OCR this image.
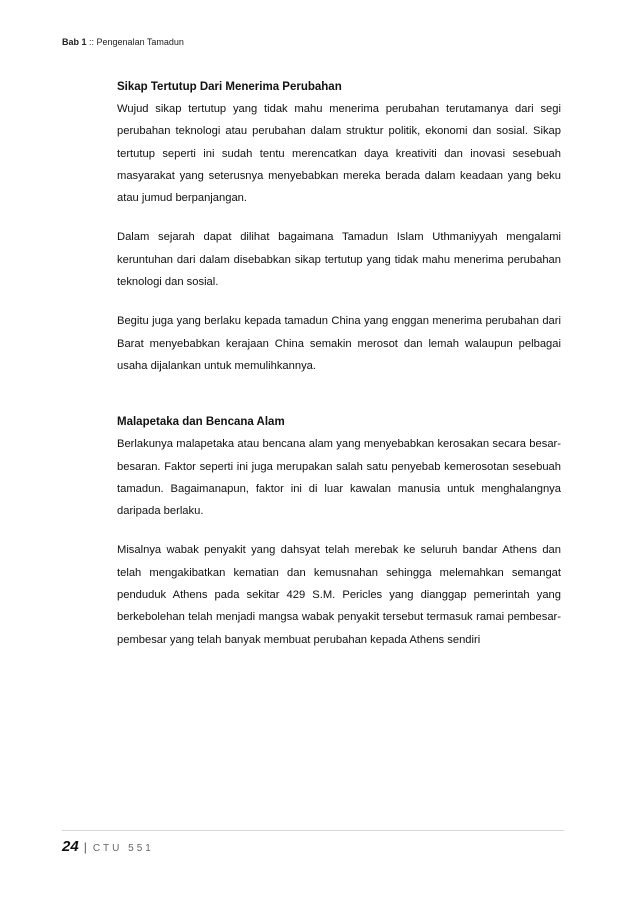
Bab 1 :: Pengenalan Tamadun
Sikap Tertutup Dari Menerima Perubahan

Wujud sikap tertutup yang tidak mahu menerima perubahan terutamanya dari segi perubahan teknologi atau perubahan dalam struktur politik, ekonomi dan sosial. Sikap tertutup seperti ini sudah tentu merencatkan daya kreativiti dan inovasi sesebuah masyarakat yang seterusnya menyebabkan mereka berada dalam keadaan yang beku atau jumud berpanjangan.

Dalam sejarah dapat dilihat bagaimana Tamadun Islam Uthmaniyyah mengalami keruntuhan dari dalam disebabkan sikap tertutup yang tidak mahu menerima perubahan teknologi dan sosial.

Begitu juga yang berlaku kepada tamadun China yang enggan menerima perubahan dari Barat menyebabkan kerajaan China semakin merosot dan lemah walaupun pelbagai usaha dijalankan untuk memulihkannya.

Malapetaka dan Bencana Alam

Berlakunya malapetaka atau bencana alam yang menyebabkan kerosakan secara besar-besaran. Faktor seperti ini juga merupakan salah satu penyebab kemerosotan sesebuah tamadun. Bagaimanapun, faktor ini di luar kawalan manusia untuk menghalangnya daripada berlaku.

Misalnya wabak penyakit yang dahsyat telah merebak ke seluruh bandar Athens dan telah mengakibatkan kematian dan kemusnahan sehingga melemahkan semangat penduduk Athens pada sekitar 429 S.M. Pericles yang dianggap pemerintah yang berkebolehan telah menjadi mangsa wabak penyakit tersebut termasuk ramai pembesar-pembesar yang telah banyak membuat perubahan kepada Athens sendiri

24 | CTU 551
